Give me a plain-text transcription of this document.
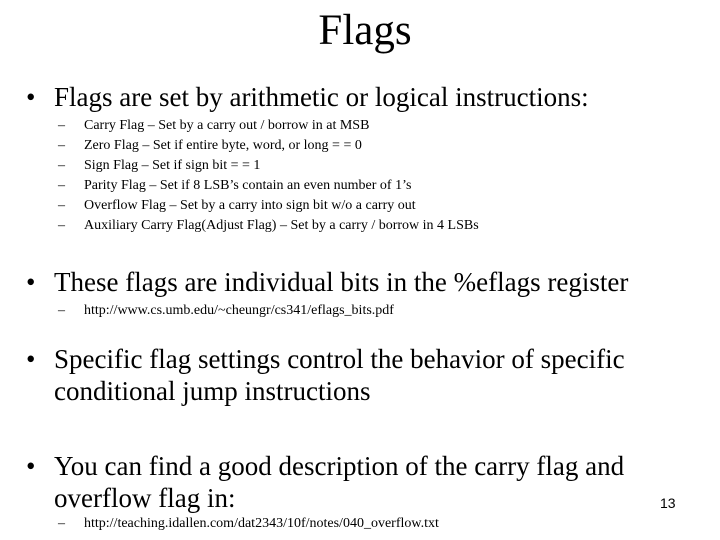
Flags
• Flags are set by arithmetic or logical instructions:
–	Carry Flag – Set by a carry out / borrow in at MSB
–	Zero Flag – Set if entire byte, word, or long = = 0
–	Sign Flag – Set if sign bit = = 1
–	Parity Flag – Set if 8 LSB’s contain an even number of 1’s
–	Overflow Flag – Set by a carry into sign bit w/o a carry out
–	Auxiliary Carry Flag(Adjust Flag) – Set by a carry / borrow in 4 LSBs
• These flags are individual bits in the %eflags register
–	http://www.cs.umb.edu/~cheungr/cs341/eflags_bits.pdf
• Specific flag settings control the behavior of specific conditional jump instructions
• You can find a good description of the carry flag and overflow flag in:
–	http://teaching.idallen.com/dat2343/10f/notes/040_overflow.txt
13
